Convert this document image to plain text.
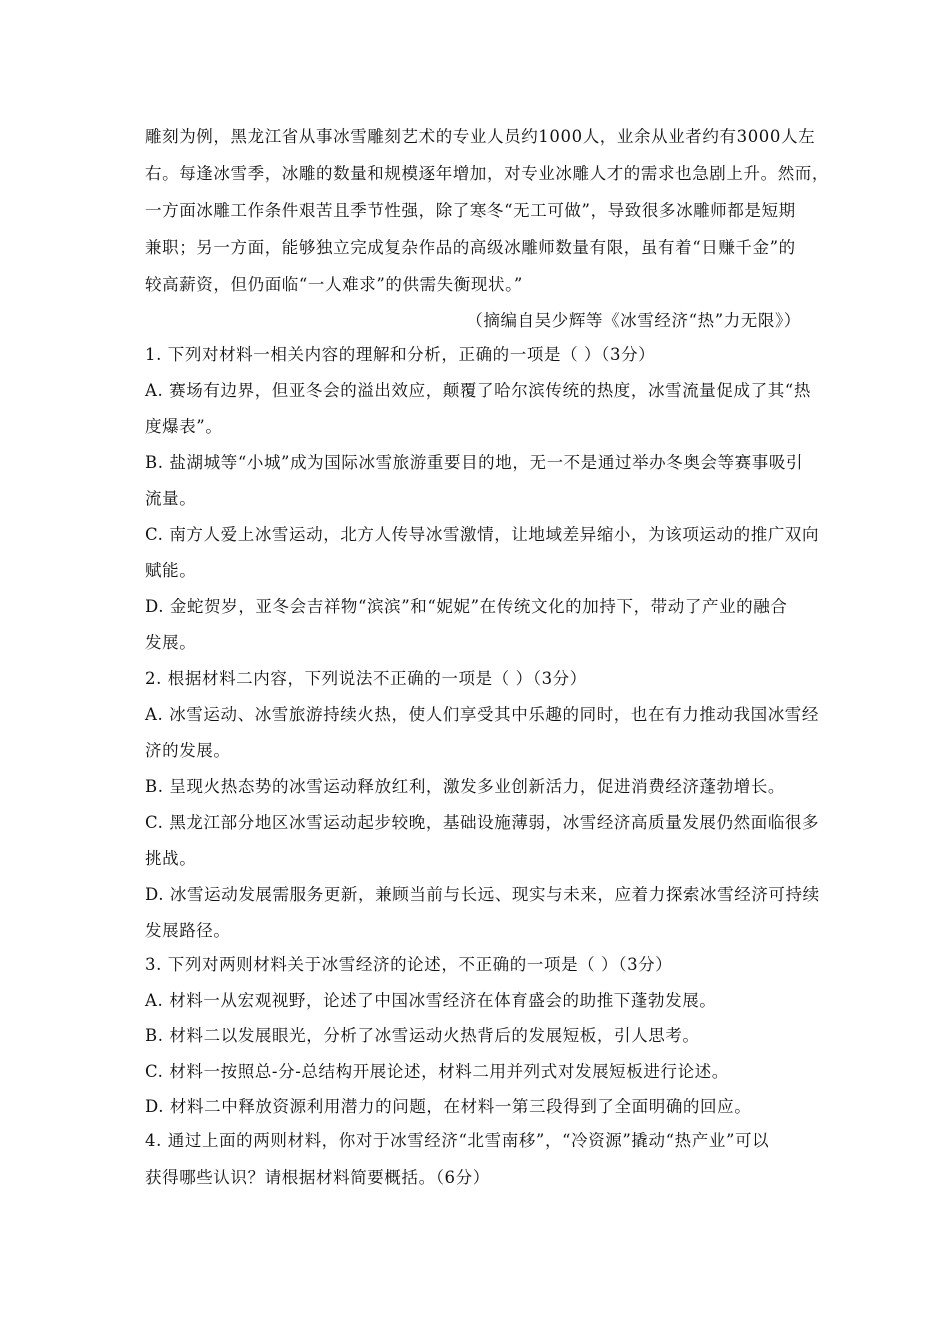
雕刻为例，黑龙江省从事冰雪雕刻艺术的专业人员约1000人，业余从业者约有3000人左
右。每逢冰雪季，冰雕的数量和规模逐年增加，对专业冰雕人才的需求也急剧上升。然而，
一方面冰雕工作条件艰苦且季节性强，除了寒冬“无工可做”，导致很多冰雕师都是短期
兼职；另一方面，能够独立完成复杂作品的高级冰雕师数量有限，虽有着“日赚千金”的
较高薪资，但仍面临“一人难求”的供需失衡现状。”
（摘编自吴少辉等《冰雪经济“热”力无限》）
1. 下列对材料一相关内容的理解和分析，正确的一项是（ ）（3分）
A. 赛场有边界，但亚冬会的溢出效应，颠覆了哈尔滨传统的热度，冰雪流量促成了其“热
度爆表”。
B. 盐湖城等“小城”成为国际冰雪旅游重要目的地，无一不是通过举办冬奥会等赛事吸引
流量。
C. 南方人爱上冰雪运动，北方人传导冰雪激情，让地域差异缩小，为该项运动的推广双向
赋能。
D. 金蛇贺岁，亚冬会吉祥物“滨滨”和“妮妮”在传统文化的加持下，带动了产业的融合
发展。
2. 根据材料二内容，下列说法不正确的一项是（ ）（3分）
A. 冰雪运动、冰雪旅游持续火热，使人们享受其中乐趣的同时，也在有力推动我国冰雪经
济的发展。
B. 呈现火热态势的冰雪运动释放红利，激发多业创新活力，促进消费经济蓬勃增长。
C. 黑龙江部分地区冰雪运动起步较晚，基础设施薄弱，冰雪经济高质量发展仍然面临很多
挑战。
D. 冰雪运动发展需服务更新，兼顾当前与长远、现实与未来，应着力探索冰雪经济可持续
发展路径。
3. 下列对两则材料关于冰雪经济的论述，不正确的一项是（ ）（3分）
A. 材料一从宏观视野，论述了中国冰雪经济在体育盛会的助推下蓬勃发展。
B. 材料二以发展眼光，分析了冰雪运动火热背后的发展短板，引人思考。
C. 材料一按照总-分-总结构开展论述，材料二用并列式对发展短板进行论述。
D. 材料二中释放资源利用潜力的问题，在材料一第三段得到了全面明确的回应。
4. 通过上面的两则材料，你对于冰雪经济“北雪南移”，“冷资源”撬动“热产业”可以
获得哪些认识？请根据材料简要概括。（6分）
